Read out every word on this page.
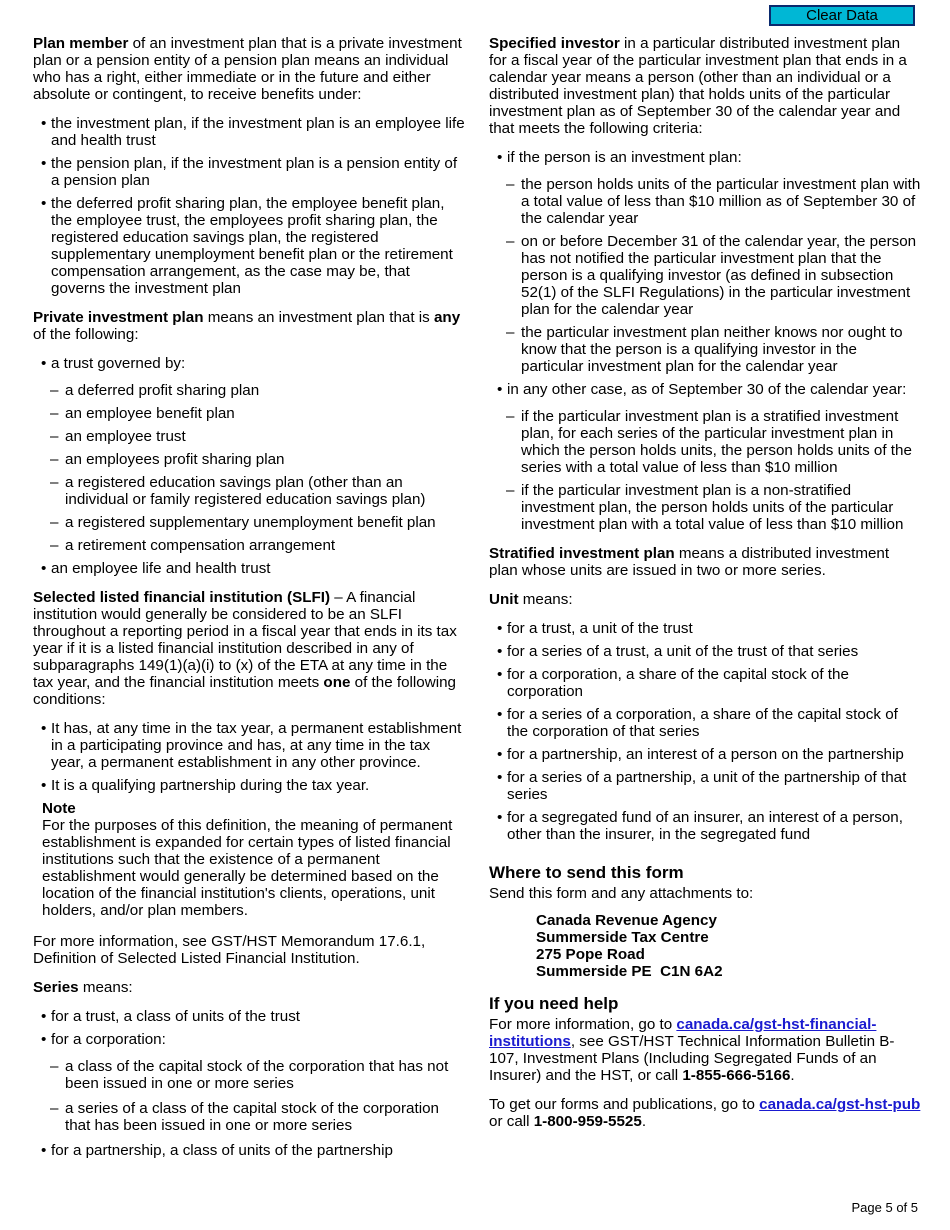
Clear Data

Plan member of an investment plan that is a private investment plan or a pension entity of a pension plan means an individual who has a right, either immediate or in the future and either absolute or contingent, to receive benefits under:

• the investment plan, if the investment plan is an employee life and health trust
• the pension plan, if the investment plan is a pension entity of a pension plan
• the deferred profit sharing plan, the employee benefit plan, the employee trust, the employees profit sharing plan, the registered education savings plan, the registered supplementary unemployment benefit plan or the retirement compensation arrangement, as the case may be, that governs the investment plan

Private investment plan means an investment plan that is any of the following:

• a trust governed by:
– a deferred profit sharing plan
– an employee benefit plan
– an employee trust
– an employees profit sharing plan
– a registered education savings plan (other than an individual or family registered education savings plan)
– a registered supplementary unemployment benefit plan
– a retirement compensation arrangement
• an employee life and health trust

Selected listed financial institution (SLFI) – A financial institution would generally be considered to be an SLFI throughout a reporting period in a fiscal year that ends in its tax year if it is a listed financial institution described in any of subparagraphs 149(1)(a)(i) to (x) of the ETA at any time in the tax year, and the financial institution meets one of the following conditions:

• It has, at any time in the tax year, a permanent establishment in a participating province and has, at any time in the tax year, a permanent establishment in any other province.
• It is a qualifying partnership during the tax year.

Note

For the purposes of this definition, the meaning of permanent establishment is expanded for certain types of listed financial institutions such that the existence of a permanent establishment would generally be determined based on the location of the financial institution's clients, operations, unit holders, and/or plan members.

For more information, see GST/HST Memorandum 17.6.1, Definition of Selected Listed Financial Institution.

Series means:

• for a trust, a class of units of the trust
• for a corporation:
– a class of the capital stock of the corporation that has not been issued in one or more series
– a series of a class of the capital stock of the corporation that has been issued in one or more series
• for a partnership, a class of units of the partnership

Specified investor in a particular distributed investment plan for a fiscal year of the particular investment plan that ends in a calendar year means a person (other than an individual or a distributed investment plan) that holds units of the particular investment plan as of September 30 of the calendar year and that meets the following criteria:

• if the person is an investment plan:
– the person holds units of the particular investment plan with a total value of less than $10 million as of September 30 of the calendar year
– on or before December 31 of the calendar year, the person has not notified the particular investment plan that the person is a qualifying investor (as defined in subsection 52(1) of the SLFI Regulations) in the particular investment plan for the calendar year
– the particular investment plan neither knows nor ought to know that the person is a qualifying investor in the particular investment plan for the calendar year
• in any other case, as of September 30 of the calendar year:
– if the particular investment plan is a stratified investment plan, for each series of the particular investment plan in which the person holds units, the person holds units of the series with a total value of less than $10 million
– if the particular investment plan is a non-stratified investment plan, the person holds units of the particular investment plan with a total value of less than $10 million

Stratified investment plan means a distributed investment plan whose units are issued in two or more series.

Unit means:

• for a trust, a unit of the trust
• for a series of a trust, a unit of the trust of that series
• for a corporation, a share of the capital stock of the corporation
• for a series of a corporation, a share of the capital stock of the corporation of that series
• for a partnership, an interest of a person on the partnership
• for a series of a partnership, a unit of the partnership of that series
• for a segregated fund of an insurer, an interest of a person, other than the insurer, in the segregated fund
Where to send this form

Send this form and any attachments to:

Canada Revenue Agency
Summerside Tax Centre
275 Pope Road
Summerside PE  C1N 6A2
If you need help

For more information, go to canada.ca/gst-hst-financial-institutions, see GST/HST Technical Information Bulletin B-107, Investment Plans (Including Segregated Funds of an Insurer) and the HST, or call 1-855-666-5166.

To get our forms and publications, go to canada.ca/gst-hst-pub or call 1-800-959-5525.

Page 5 of 5
